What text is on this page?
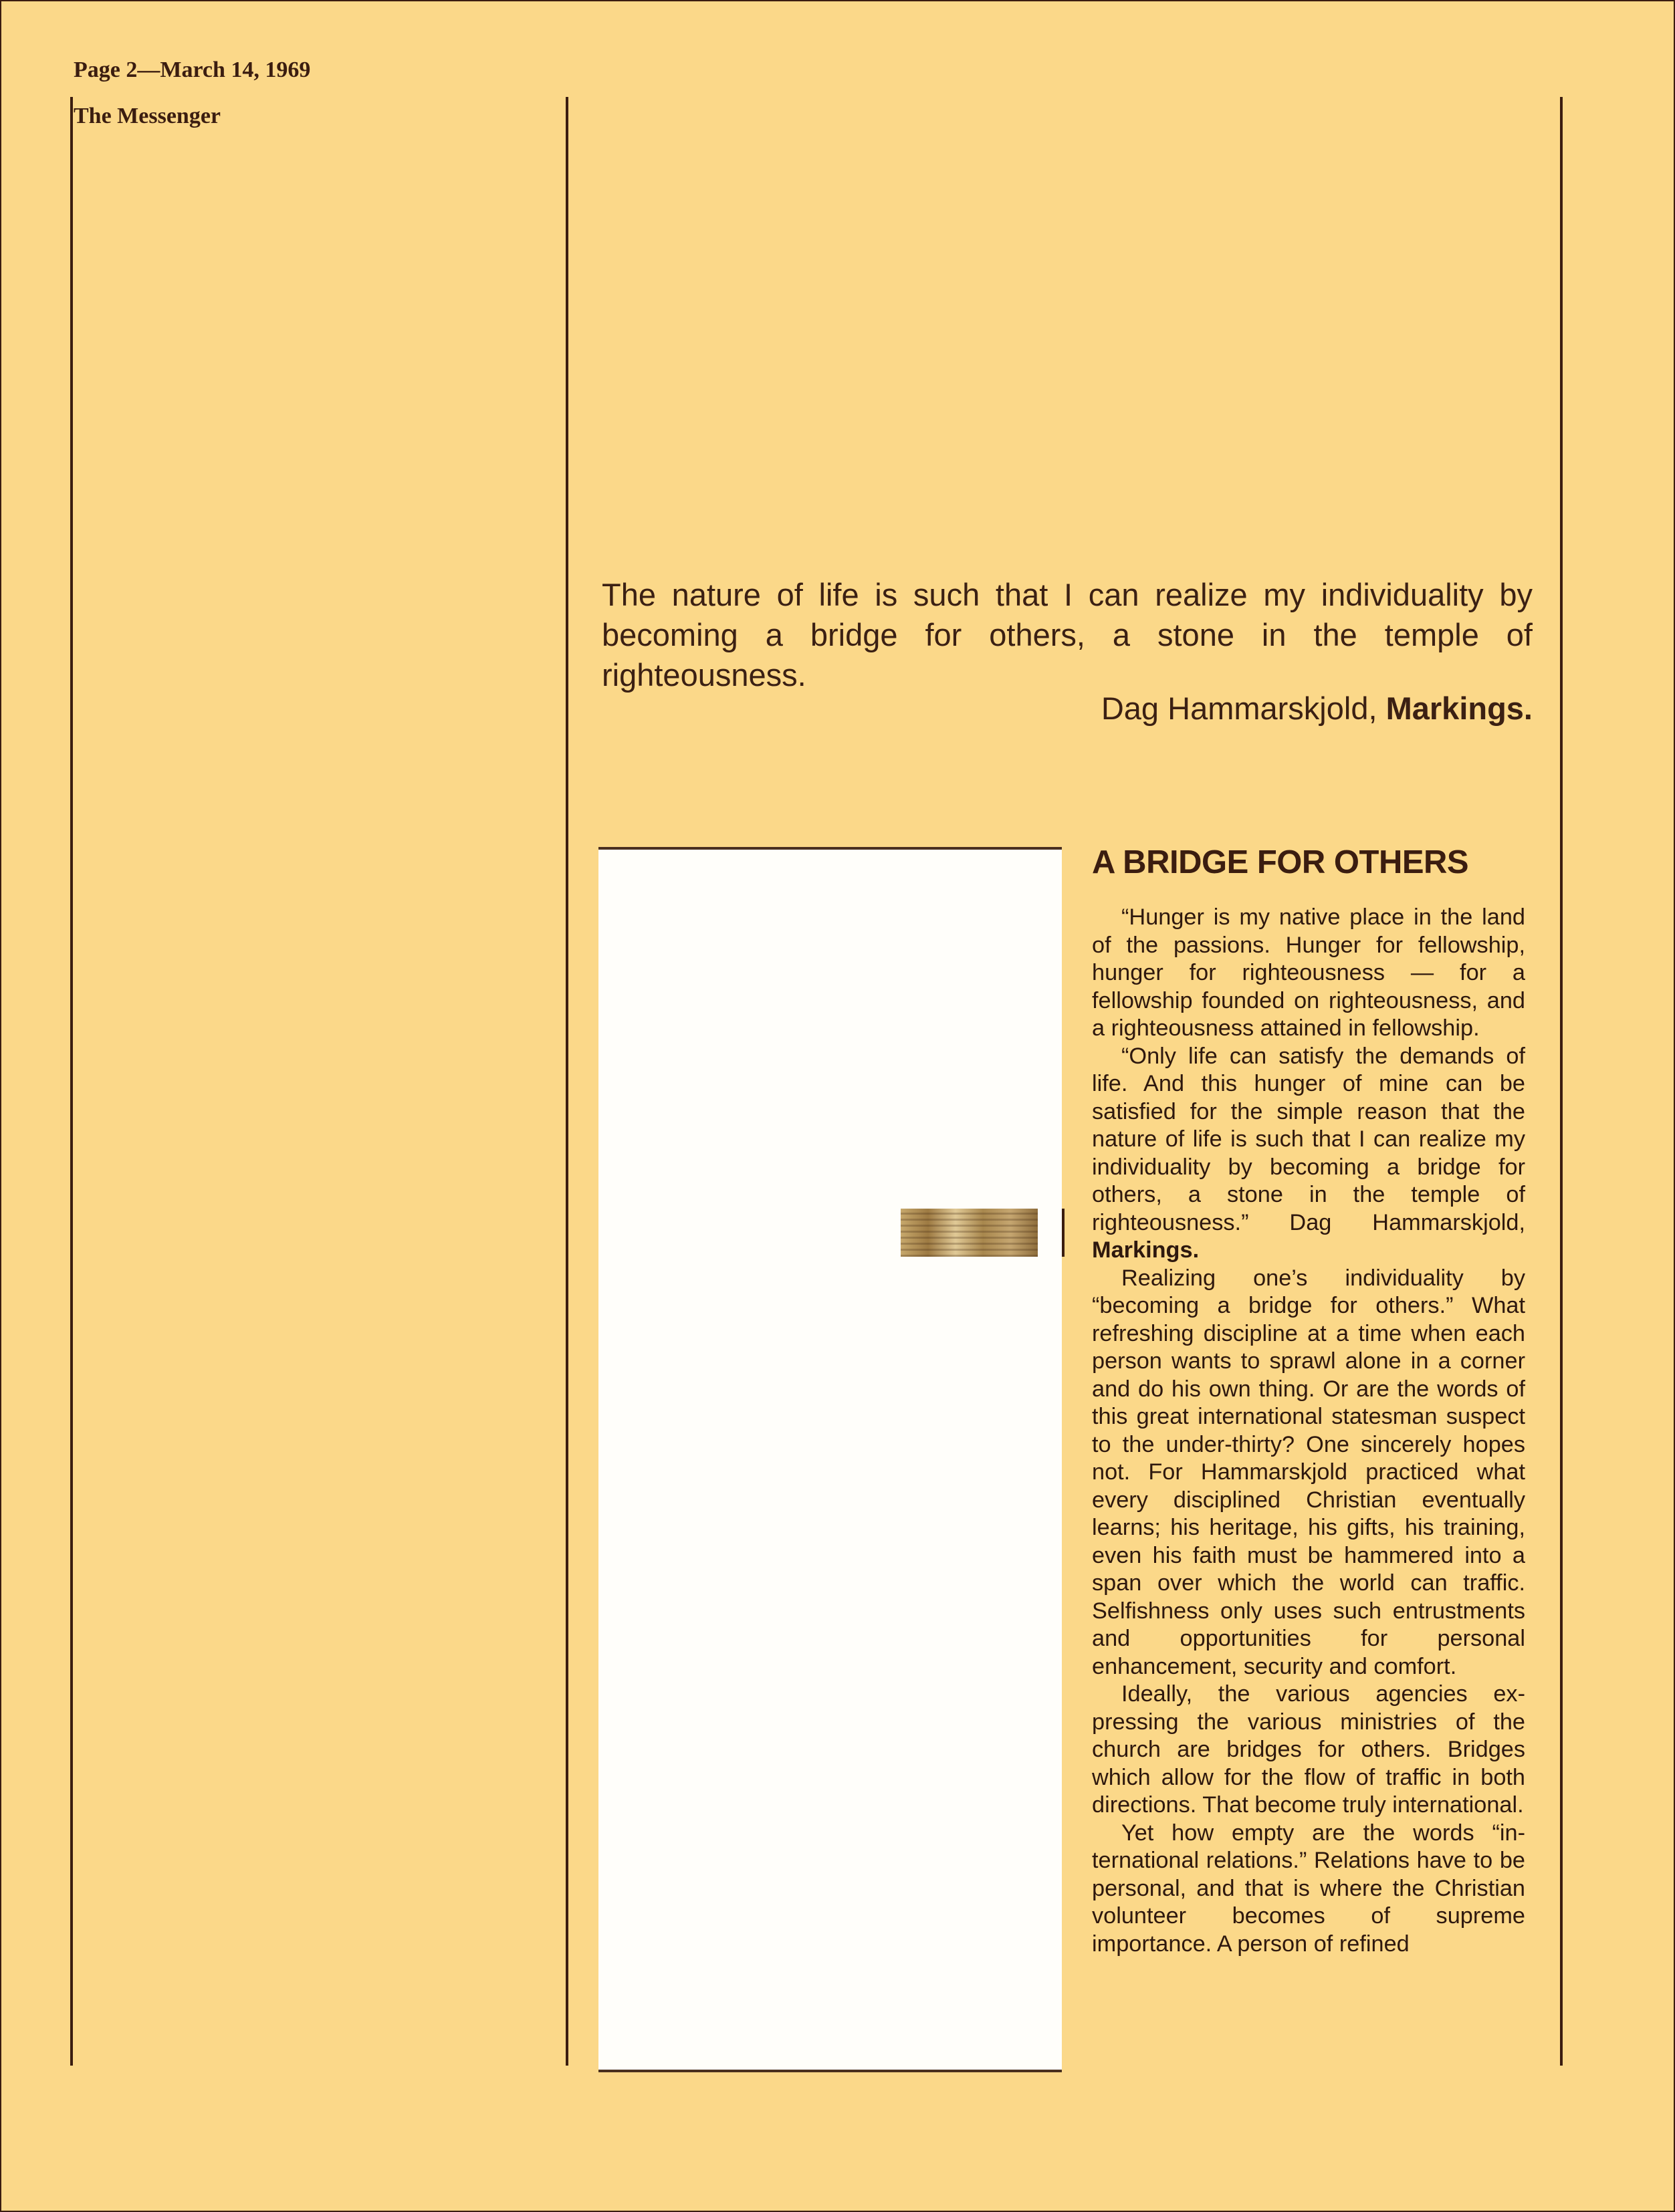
Page 2—March 14, 1969
The Messenger
The nature of life is such that I can realize my individuality by becoming a bridge for others, a stone in the temple of righteousness.
Dag Hammarskjold, Markings.
A BRIDGE FOR OTHERS

“Hunger is my native place in the land of the passions. Hunger for fellowship, hunger for righteousness — for a fellowship founded on righteousness, and a righteousness attained in fellowship.

“Only life can satisfy the demands of life. And this hunger of mine can be satisfied for the simple reason that the nature of life is such that I can realize my individuality by becoming a bridge for others, a stone in the temple of righteousness.” Dag Hammarskjold, Markings.

Realizing one’s individuality by “becoming a bridge for others.” What refreshing discipline at a time when each person wants to sprawl alone in a corner and do his own thing. Or are the words of this great international statesman suspect to the under-thirty? One sincerely hopes not. For Hammarskjold practiced what every disciplined Christian eventually learns; his heritage, his gifts, his training, even his faith must be hammered into a span over which the world can traffic. Selfishness only uses such entrustments and opportunities for personal enhancement, security and comfort.

Ideally, the various agencies expressing the various ministries of the church are bridges for others. Bridges which allow for the flow of traffic in both directions. That become truly international.

Yet how empty are the words “international relations.” Relations have to be personal, and that is where the Christian volunteer becomes of supreme importance. A person of refined
